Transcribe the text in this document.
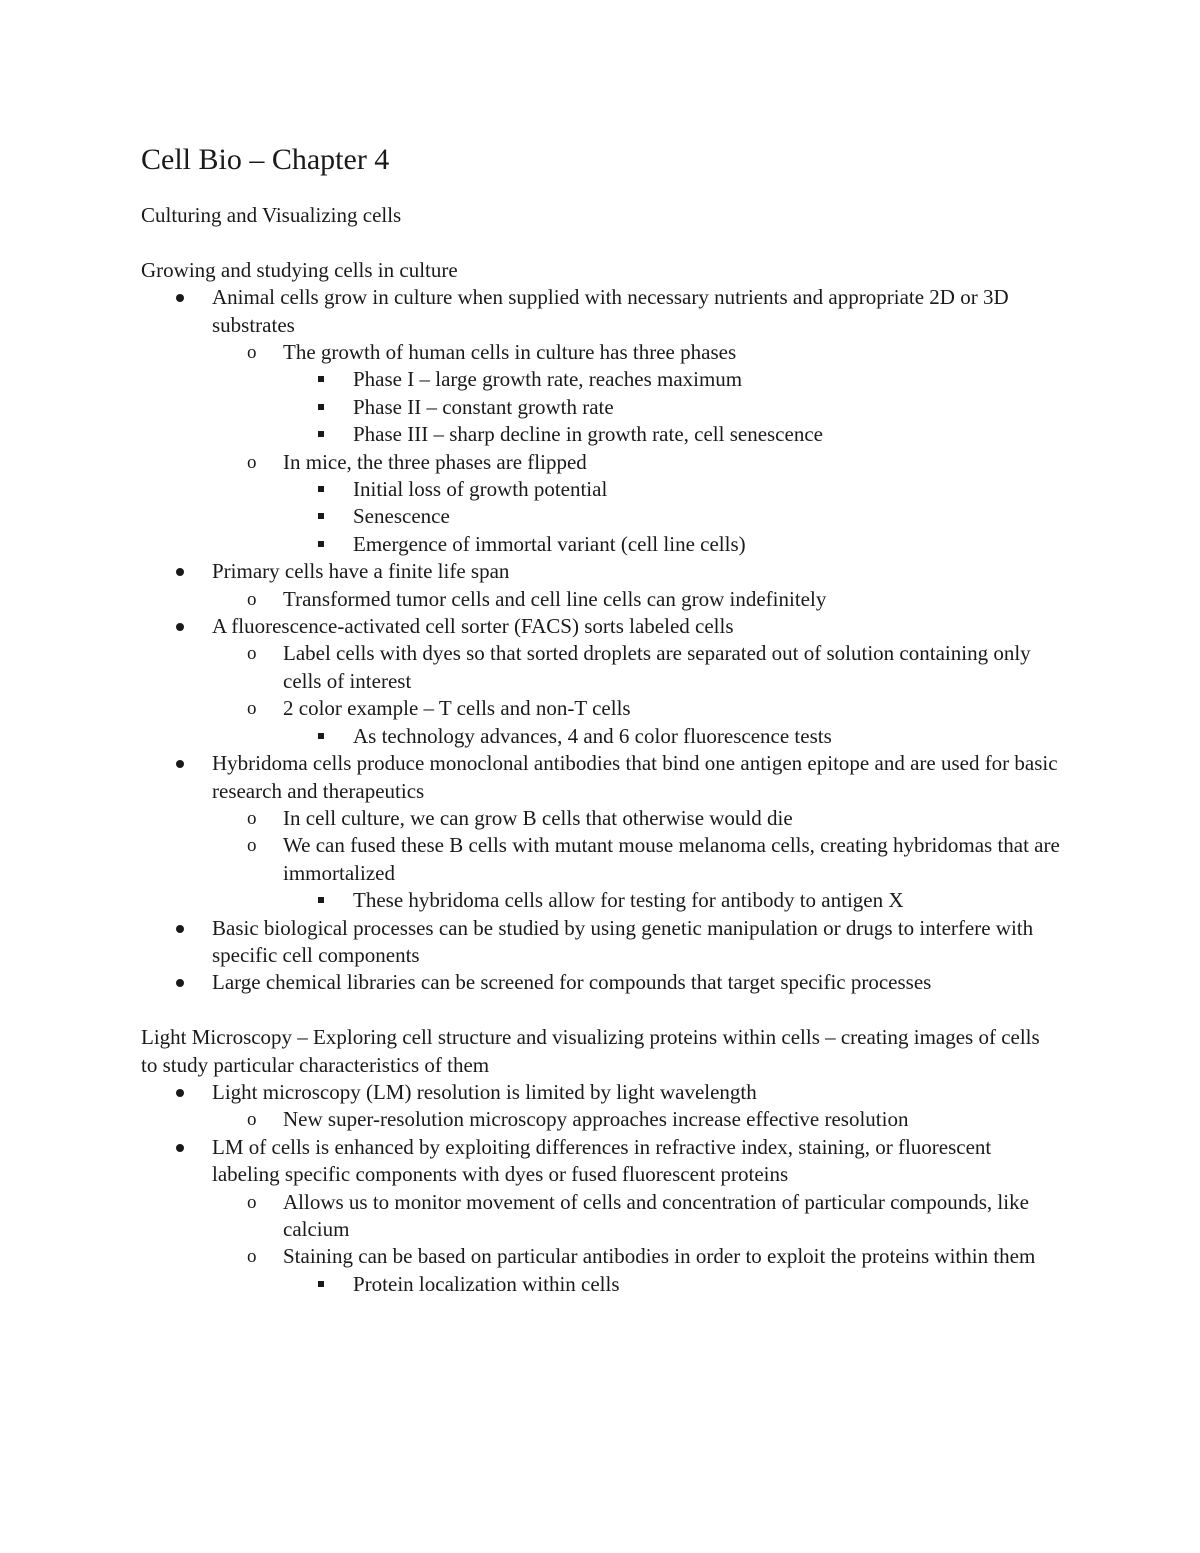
Cell Bio – Chapter 4

Culturing and Visualizing cells

Growing and studying cells in culture

Animal cells grow in culture when supplied with necessary nutrients and appropriate 2D or 3D substrates
o The growth of human cells in culture has three phases
Phase I – large growth rate, reaches maximum
Phase II – constant growth rate
Phase III – sharp decline in growth rate, cell senescence
o In mice, the three phases are flipped
Initial loss of growth potential
Senescence
Emergence of immortal variant (cell line cells)
Primary cells have a finite life span
o Transformed tumor cells and cell line cells can grow indefinitely
A fluorescence-activated cell sorter (FACS) sorts labeled cells
o Label cells with dyes so that sorted droplets are separated out of solution containing only cells of interest
o 2 color example – T cells and non-T cells
As technology advances, 4 and 6 color fluorescence tests
Hybridoma cells produce monoclonal antibodies that bind one antigen epitope and are used for basic research and therapeutics
o In cell culture, we can grow B cells that otherwise would die
o We can fused these B cells with mutant mouse melanoma cells, creating hybridomas that are immortalized
These hybridoma cells allow for testing for antibody to antigen X
Basic biological processes can be studied by using genetic manipulation or drugs to interfere with specific cell components
Large chemical libraries can be screened for compounds that target specific processes

Light Microscopy – Exploring cell structure and visualizing proteins within cells – creating images of cells to study particular characteristics of them

Light microscopy (LM) resolution is limited by light wavelength
o New super-resolution microscopy approaches increase effective resolution
LM of cells is enhanced by exploiting differences in refractive index, staining, or fluorescent labeling specific components with dyes or fused fluorescent proteins
o Allows us to monitor movement of cells and concentration of particular compounds, like calcium
o Staining can be based on particular antibodies in order to exploit the proteins within them
Protein localization within cells
